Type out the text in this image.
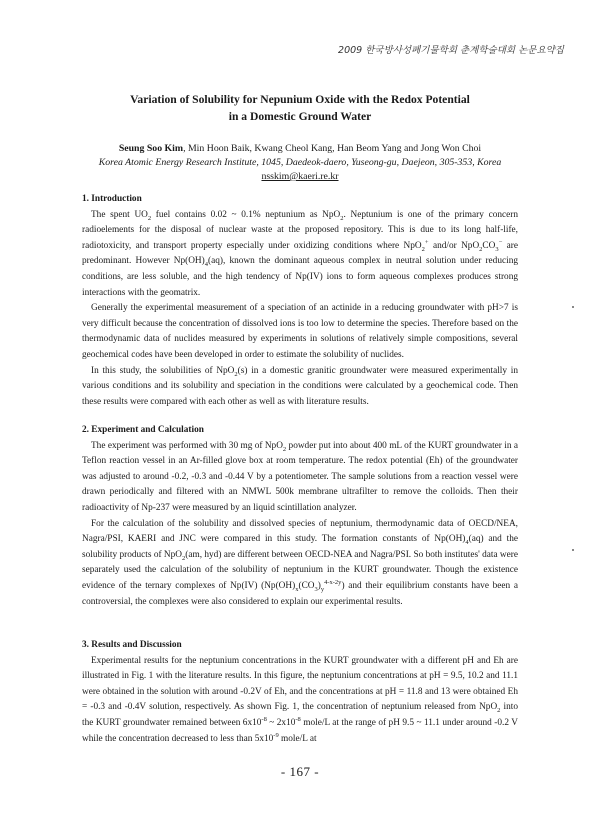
2009 한국방사성폐기물학회 춘계학술대회 논문요약집
Variation of Solubility for Nepunium Oxide with the Redox Potential
in a Domestic Ground Water
Seung Soo Kim, Min Hoon Baik, Kwang Cheol Kang, Han Beom Yang and Jong Won Choi
Korea Atomic Energy Research Institute, 1045, Daedeok-daero, Yuseong-gu, Daejeon, 305-353, Korea
nsskim@kaeri.re.kr

1. Introduction

The spent $UO_2$ fuel contains 0.02 ~ 0.1% neptunium as NpO$_2$. Neptunium is one of the primary concern radioelements for the disposal of nuclear waste at the proposed repository. This is due to its long half-life, radiotoxicity, and transport property especially under oxidizing conditions where NpO$_2$+ and/or $NpO_2CO_3^-$ are predominant. However $Np(OH)_4(aq)$, known the dominant aqueous complex in neutral solution under reducing conditions, are less soluble, and the high tendency of Np(IV) ions to form aqueous complexes produces strong interactions with the geomatrix.

Generally the experimental measurement of a speciation of an actinide in a reducing groundwater with pH>7 is very difficult because the concentration of dissolved ions is too low to determine the species. Therefore based on the thermodynamic data of nuclides measured by experiments in solutions of relatively simple compositions, several geochemical codes have been developed in order to estimate the solubility of nuclides.

In this study, the solubilities of NpO$_2$(s) in a domestic granitic groundwater were measured experimentally in various conditions and its solubility and speciation in the conditions were calculated by a geochemical code. Then these results were compared with each other as well as with literature results.

2. Experiment and Calculation

The experiment was performed with 30 mg of NpO$_2$ powder put into about 400 mL of the KURT groundwater in a Teflon reaction vessel in an Ar-filled glove box at room temperature. The redox potential (Eh) of the groundwater was adjusted to around -0.2, -0.3 and -0.44 V by a potentiometer. The sample solutions from a reaction vessel were drawn periodically and filtered with an NMWL 500k membrane ultrafilter to remove the colloids. Then their radioactivity of Np-237 were measured by an liquid scintillation analyzer.

For the calculation of the solubility and dissolved species of neptunium, thermodynamic data of OECD/NEA, Nagra/PSI, KAERI and JNC were compared in this study. The formation constants of $Np(OH)_4(aq)$ and the solubility products of NpO$_2$(am, hyd) are different between OECD-NEA and Nagra/PSI. So both institutes' data were separately used the calculation of the solubility of neptunium in the KURT groundwater. Though the existence evidence of the ternary complexes of Np(IV) $(Np(OH)_x(CO_3)_y^{4-x-2y})$ and their equilibrium constants have been a controversial, the complexes were also considered to explain our experimental results.

3. Results and Discussion

Experimental results for the neptunium concentrations in the KURT groundwater with a different pH and Eh are illustrated in Fig. 1 with the literature results. In this figure, the neptunium concentrations at pH = 9.5, 10.2 and 11.1 were obtained in the solution with around -0.2V of Eh, and the concentrations at pH = 11.8 and 13 were obtained Eh = -0.3 and -0.4V solution, respectively. As shown Fig. 1, the concentration of neptunium released from NpO$_2$ into the KURT groundwater remained between $6x10^{-8}$ ~ $2x10^{-8}$ mole/L at the range of pH 9.5 ~ 11.1 under around -0.2 V while the concentration decreased to less than $5x10^{-9}$ mole/L at

- 167 -
